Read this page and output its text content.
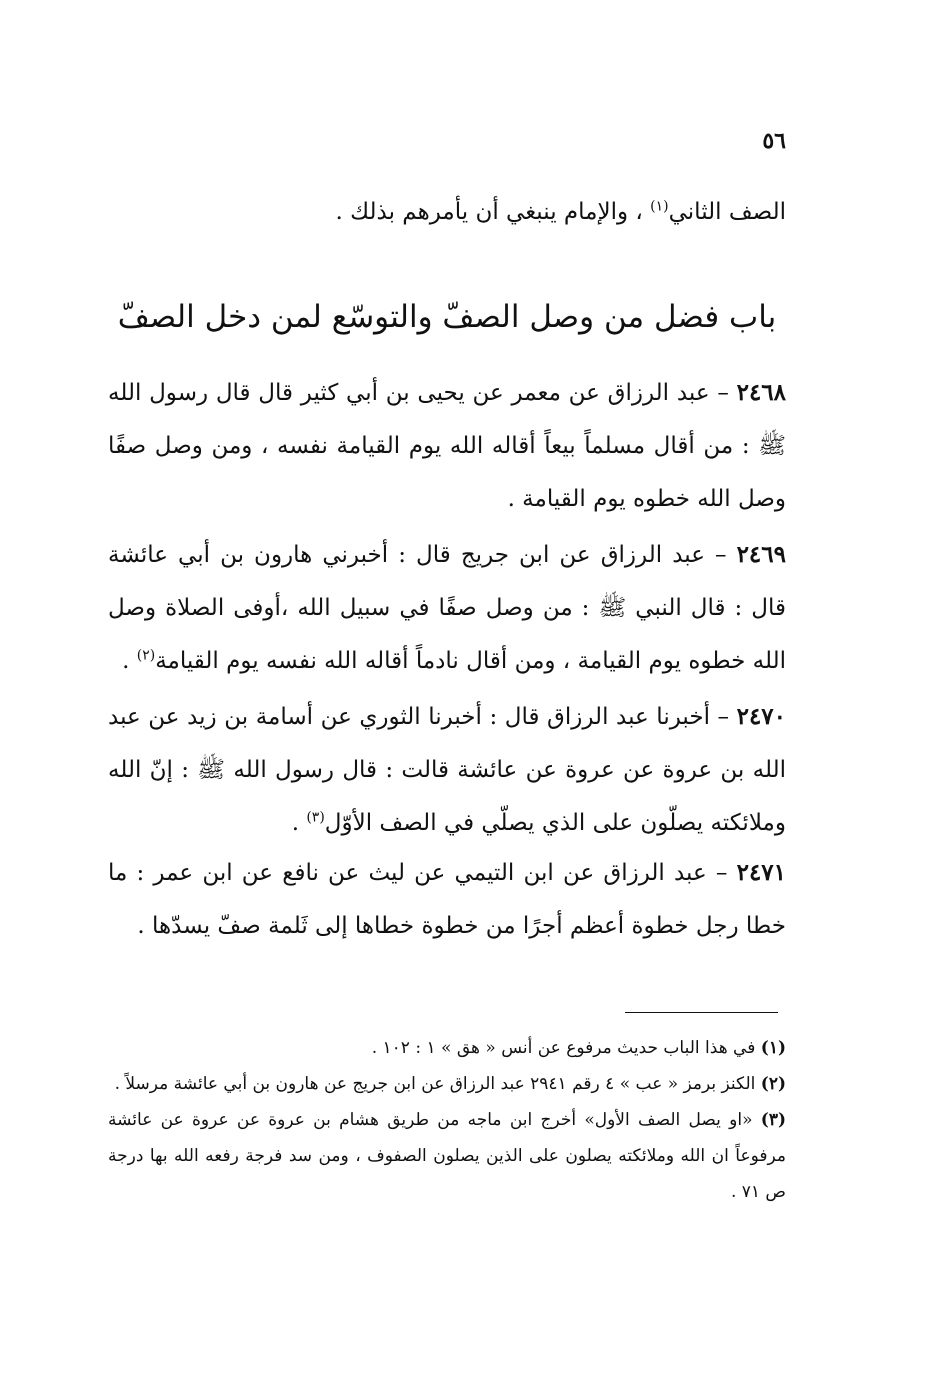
٥٦

الصف الثاني$^{(١)}$ ، والإمام ينبغي أن يأمرهم بذلك .

باب فضل من وصل الصفّ والتوسّع لمن دخل الصفّ

٢٤٦٨ – عبد الرزاق عن معمر عن يحيى بن أبي كثير قال قال رسول الله ﷺ : من أقال مسلماً بيعاً أقاله الله يوم القيامة نفسه ، ومن وصل صفًا وصل الله خطوه يوم القيامة .

٢٤٦٩ – عبد الرزاق عن ابن جريج قال : أخبرني هارون بن أبي عائشة قال : قال النبي ﷺ : من وصل صفًا في سبيل الله ،أوفى الصلاة وصل الله خطوه يوم القيامة ، ومن أقال نادماً أقاله الله نفسه يوم القيامة$^{(٢)}$ .

٢٤٧٠ – أخبرنا عبد الرزاق قال : أخبرنا الثوري عن أسامة بن زيد عن عبد الله بن عروة عن عروة عن عائشة قالت : قال رسول الله ﷺ : إنّ الله وملائكته يصلّون على الذي يصلّي في الصف الأوّل$^{(٣)}$ .

٢٤٧١ – عبد الرزاق عن ابن التيمي عن ليث عن نافع عن ابن عمر : ما خطا رجل خطوة أعظم أجرًا من خطوة خطاها إلى ثَلمة صفّ يسدّها .

(١) في هذا الباب حديث مرفوع عن أنس « هق » ١ : ١٠٢ .

(٢) الكنز برمز « عب » ٤ رقم ٢٩٤١ عبد الرزاق عن ابن جريج عن هارون بن أبي عائشة مرسلاً .

(٣) «او يصل الصف الأول» أخرج ابن ماجه من طريق هشام بن عروة عن عروة عن عائشة مرفوعاً ان الله وملائكته يصلون على الذين يصلون الصفوف ، ومن سد فرجة رفعه الله بها درجة ص ٧١ .
